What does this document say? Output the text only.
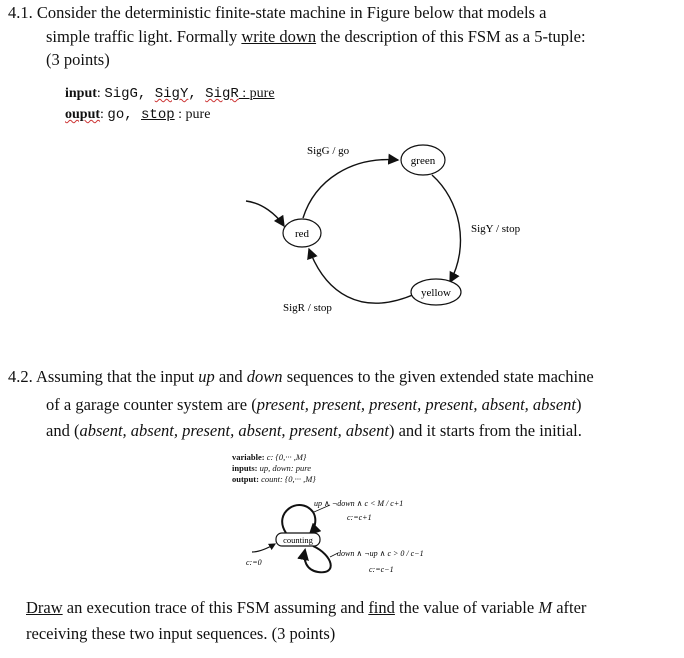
4.1. Consider the deterministic finite-state machine in Figure below that models a
simple traffic light. Formally write down the description of this FSM as a 5-tuple:
(3 points)
input: SigG, SigY, SigR : pure
ouput: go, stop : pure
red
green
yellow
SigG / go
SigY / stop
SigR / stop
4.2. Assuming that the input up and down sequences to the given extended state machine
of a garage counter system are (present, present, present, present, absent, absent)
and (absent, absent, present, absent, present, absent) and it starts from the initial.
variable: c: {0,··· ,M}
inputs: up, down: pure
output: count: {0,··· ,M}
counting
c:=0
up ∧ ¬down ∧ c < M / c+1
c:=c+1
down ∧ ¬up ∧ c > 0 / c−1
c:=c−1
Draw an execution trace of this FSM assuming and find the value of variable M after
receiving these two input sequences. (3 points)
